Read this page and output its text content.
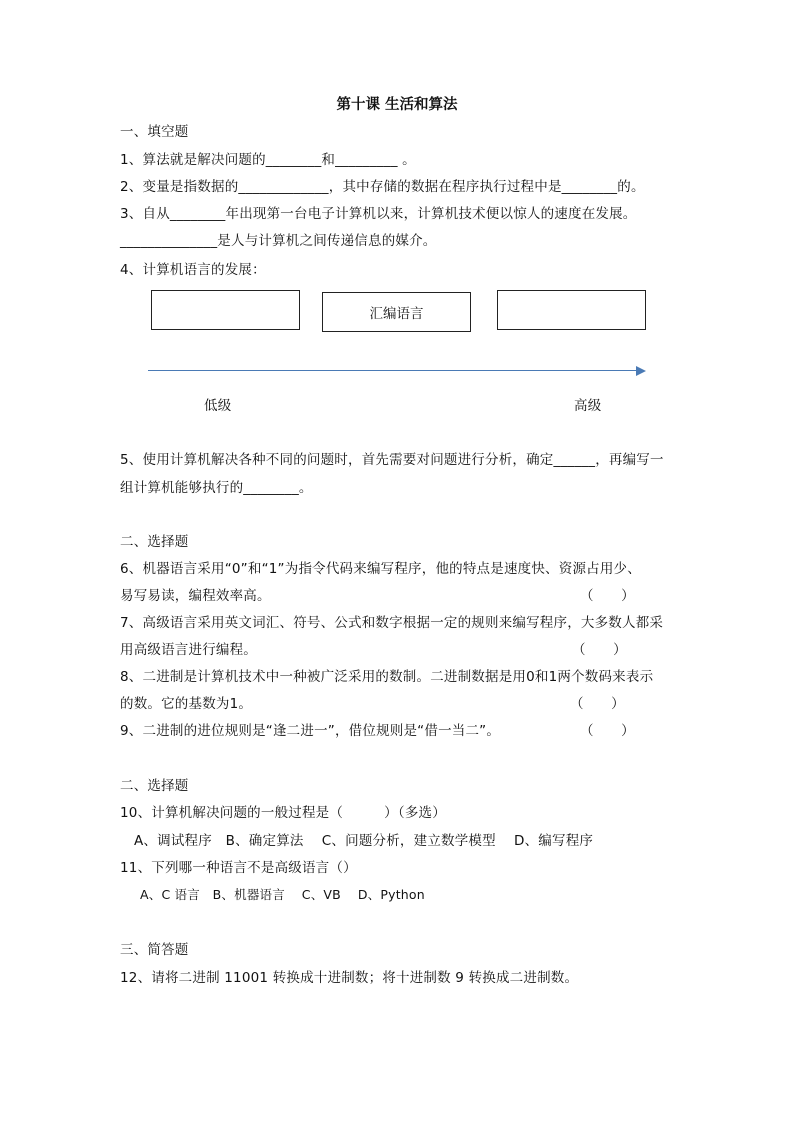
第十课 生活和算法
一、填空题
1、算法就是解决问题的________和_________ 。
2、变量是指数据的_____________，其中存储的数据在程序执行过程中是________的。
3、自从________年出现第一台电子计算机以来，计算机技术便以惊人的速度在发展。
______________是人与计算机之间传递信息的媒介。
4、计算机语言的发展：
汇编语言
低级	高级
5、使用计算机解决各种不同的问题时，首先需要对问题进行分析，确定______，再编写一
组计算机能够执行的________。
二、选择题
6、机器语言采用“0”和“1”为指令代码来编写程序，他的特点是速度快、资源占用少、
易写易读，编程效率高。	（　　）
7、高级语言采用英文词汇、符号、公式和数字根据一定的规则来编写程序，大多数人都采
用高级语言进行编程。	（　　）
8、二进制是计算机技术中一种被广泛采用的数制。二进制数据是用0和1两个数码来表示
的数。它的基数为1。	（　　）
9、二进制的进位规则是“逢二进一”，借位规则是“借一当二”。	（　　）
二、选择题
10、计算机解决问题的一般过程是（　　　）（多选）
A、调试程序　B、确定算法　 C、问题分析，建立数学模型　 D、编写程序
11、下列哪一种语言不是高级语言（）
A、C 语言　B、机器语言　 C、VB　 D、Python
三、简答题
12、请将二进制 11001 转换成十进制数；将十进制数 9 转换成二进制数。
